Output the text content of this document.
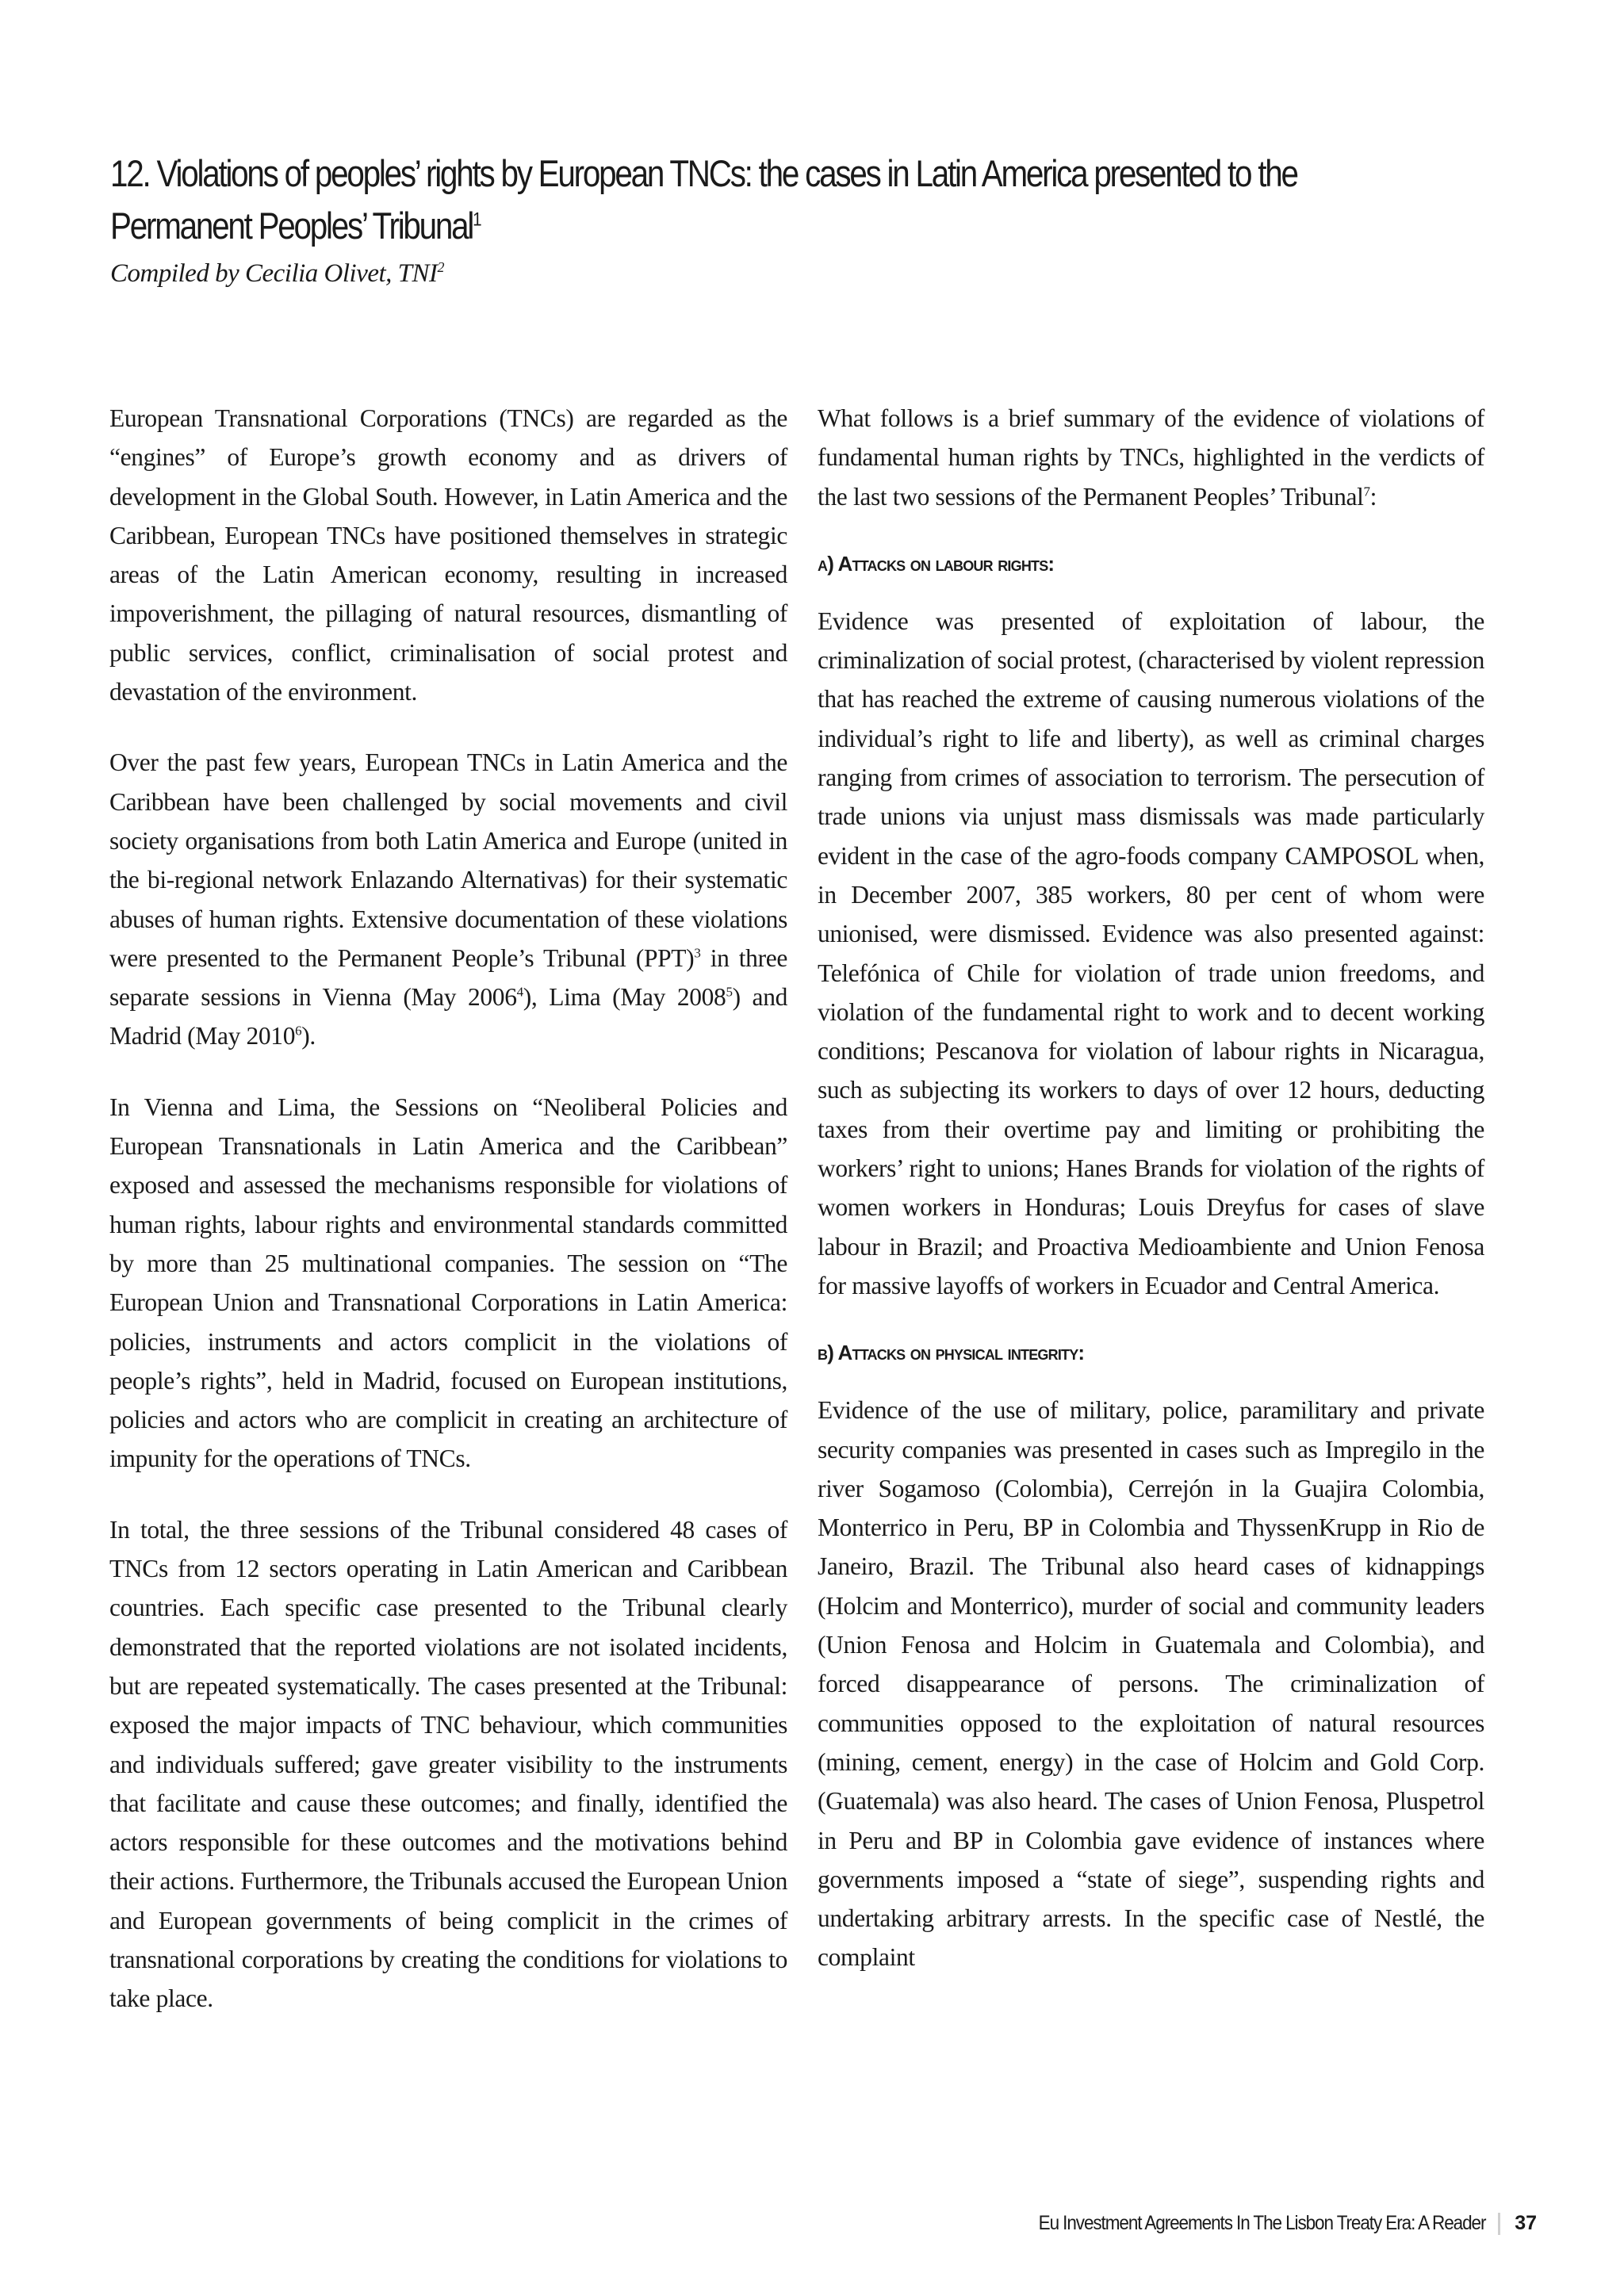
12. Violations of peoples’ rights by European TNCs: the cases in Latin America presented to the
Permanent Peoples’ Tribunal$^1$

Compiled by Cecilia Olivet, TNI$^2$

European Transnational Corporations (TNCs) are regarded as the “engines” of Europe’s growth economy and as drivers of development in the Global South. However, in Latin America and the Caribbean, European TNCs have positioned themselves in strategic areas of the Latin American economy, resulting in increased impoverishment, the pillaging of natural resources, dismantling of public services, conflict, criminalisation of social protest and devastation of the environment.

Over the past few years, European TNCs in Latin America and the Caribbean have been challenged by social movements and civil society organisations from both Latin America and Europe (united in the bi-regional network Enlazando Alternativas) for their systematic abuses of human rights. Extensive documentation of these violations were presented to the Permanent People’s Tribunal (PPT)$^3$ in three separate sessions in Vienna (May 2006$^4$), Lima (May 2008$^5$) and Madrid (May 2010$^6$).

In Vienna and Lima, the Sessions on “Neoliberal Policies and European Transnationals in Latin America and the Caribbean” exposed and assessed the mechanisms responsible for violations of human rights, labour rights and environmental standards committed by more than 25 multinational companies. The session on “The European Union and Transnational Corporations in Latin America: policies, instruments and actors complicit in the violations of people’s rights”, held in Madrid, focused on European institutions, policies and actors who are complicit in creating an architecture of impunity for the operations of TNCs.

In total, the three sessions of the Tribunal considered 48 cases of TNCs from 12 sectors operating in Latin American and Caribbean countries. Each specific case presented to the Tribunal clearly demonstrated that the reported violations are not isolated incidents, but are repeated systematically. The cases presented at the Tribunal: exposed the major impacts of TNC behaviour, which communities and individuals suffered; gave greater visibility to the instruments that facilitate and cause these outcomes; and finally, identified the actors responsible for these outcomes and the motivations behind their actions. Furthermore, the Tribunals accused the European Union and European governments of being complicit in the crimes of transnational corporations by creating the conditions for violations to take place.

What follows is a brief summary of the evidence of violations of fundamental human rights by TNCs, highlighted in the verdicts of the last two sessions of the Permanent Peoples’ Tribunal$^7$:

a) Attacks on labour rights:

Evidence was presented of exploitation of labour, the criminalization of social protest, (characterised by violent repression that has reached the extreme of causing numerous violations of the individual’s right to life and liberty), as well as criminal charges ranging from crimes of association to terrorism. The persecution of trade unions via unjust mass dismissals was made particularly evident in the case of the agro-foods company CAMPOSOL when, in December 2007, 385 workers, 80 per cent of whom were unionised, were dismissed. Evidence was also presented against: Telefónica of Chile for violation of trade union freedoms, and violation of the fundamental right to work and to decent working conditions; Pescanova for violation of labour rights in Nicaragua, such as subjecting its workers to days of over 12 hours, deducting taxes from their overtime pay and limiting or prohibiting the workers’ right to unions; Hanes Brands for violation of the rights of women workers in Honduras; Louis Dreyfus for cases of slave labour in Brazil; and Proactiva Medioambiente and Union Fenosa for massive layoffs of workers in Ecuador and Central America.

b) Attacks on physical integrity:

Evidence of the use of military, police, paramilitary and private security companies was presented in cases such as Impregilo in the river Sogamoso (Colombia), Cerrejón in la Guajira Colombia, Monterrico in Peru, BP in Colombia and ThyssenKrupp in Rio de Janeiro, Brazil. The Tribunal also heard cases of kidnappings (Holcim and Monterrico), murder of social and community leaders (Union Fenosa and Holcim in Guatemala and Colombia), and forced disappearance of persons. The criminalization of communities opposed to the exploitation of natural resources (mining, cement, energy) in the case of Holcim and Gold Corp. (Guatemala) was also heard. The cases of Union Fenosa, Pluspetrol in Peru and BP in Colombia gave evidence of instances where governments imposed a “state of siege”, suspending rights and undertaking arbitrary arrests. In the specific case of Nestlé, the complaint

Eu Investment Agreements In The Lisbon Treaty Era: A Reader 37
